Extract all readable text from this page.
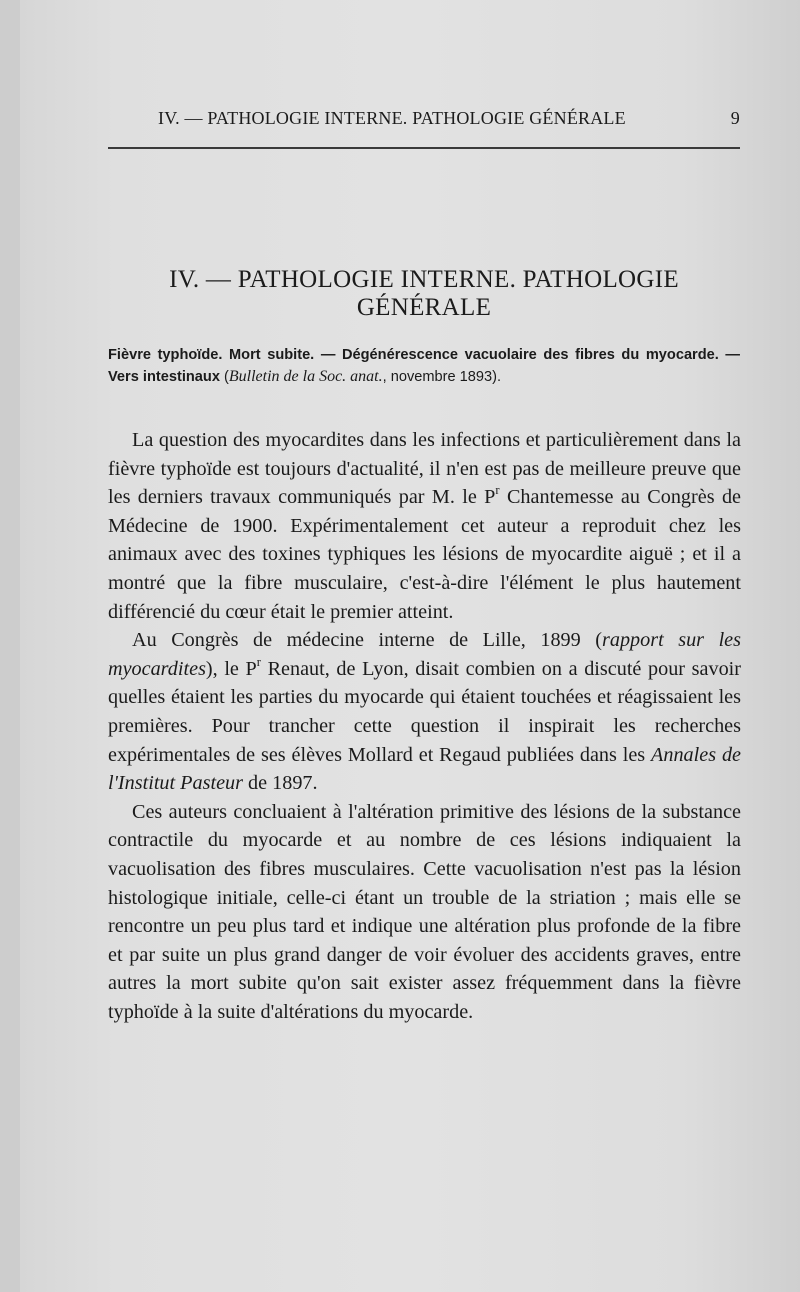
IV. — PATHOLOGIE INTERNE. PATHOLOGIE GÉNÉRALE	9
IV. — PATHOLOGIE INTERNE. PATHOLOGIE
GÉNÉRALE
Fièvre typhoïde. Mort subite. — Dégénérescence vacuolaire des fibres du myocarde. — Vers intestinaux (Bulletin de la Soc. anat., novembre 1893).

La question des myocardites dans les infections et particulièrement dans la fièvre typhoïde est toujours d'actualité, il n'en est pas de meilleure preuve que les derniers travaux communiqués par M. le $P^r$ Chantemesse au Congrès de Médecine de 1900. Expérimentalement cet auteur a reproduit chez les animaux avec des toxines typhiques les lésions de myocardite aiguë ; et il a montré que la fibre musculaire, c'est-à-dire l'élément le plus hautement différencié du cœur était le premier atteint.

Au Congrès de médecine interne de Lille, 1899 (rapport sur les myocardites), le $P^r$ Renaut, de Lyon, disait combien on a discuté pour savoir quelles étaient les parties du myocarde qui étaient touchées et réagissaient les premières. Pour trancher cette question il inspirait les recherches expérimentales de ses élèves Mollard et Regaud publiées dans les Annales de l'Institut Pasteur de 1897.

Ces auteurs concluaient à l'altération primitive des lésions de la substance contractile du myocarde et au nombre de ces lésions indiquaient la vacuolisation des fibres musculaires. Cette vacuolisation n'est pas la lésion histologique initiale, celle-ci étant un trouble de la striation ; mais elle se rencontre un peu plus tard et indique une altération plus profonde de la fibre et par suite un plus grand danger de voir évoluer des accidents graves, entre autres la mort subite qu'on sait exister assez fréquemment dans la fièvre typhoïde à la suite d'altérations du myocarde.
